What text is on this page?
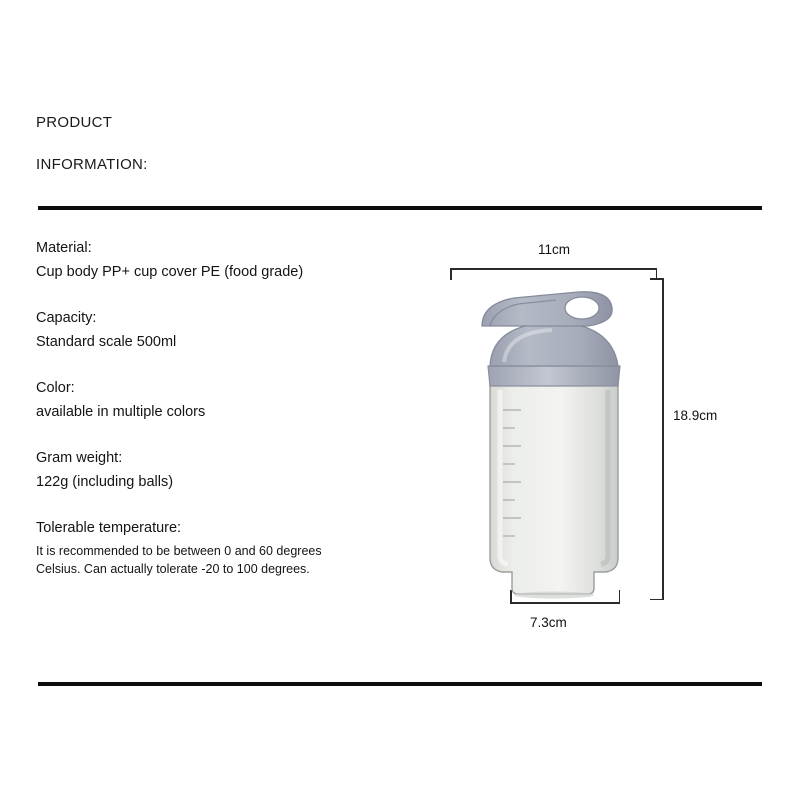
PRODUCT
INFORMATION:
Material:
Cup body PP+ cup cover PE (food grade)
Capacity:
Standard scale 500ml
Color:
available in multiple colors
Gram weight:
122g (including balls)
Tolerable temperature:
It is recommended to be between 0 and 60 degrees
Celsius. Can actually tolerate -20 to 100 degrees.
11cm
18.9cm
7.3cm
